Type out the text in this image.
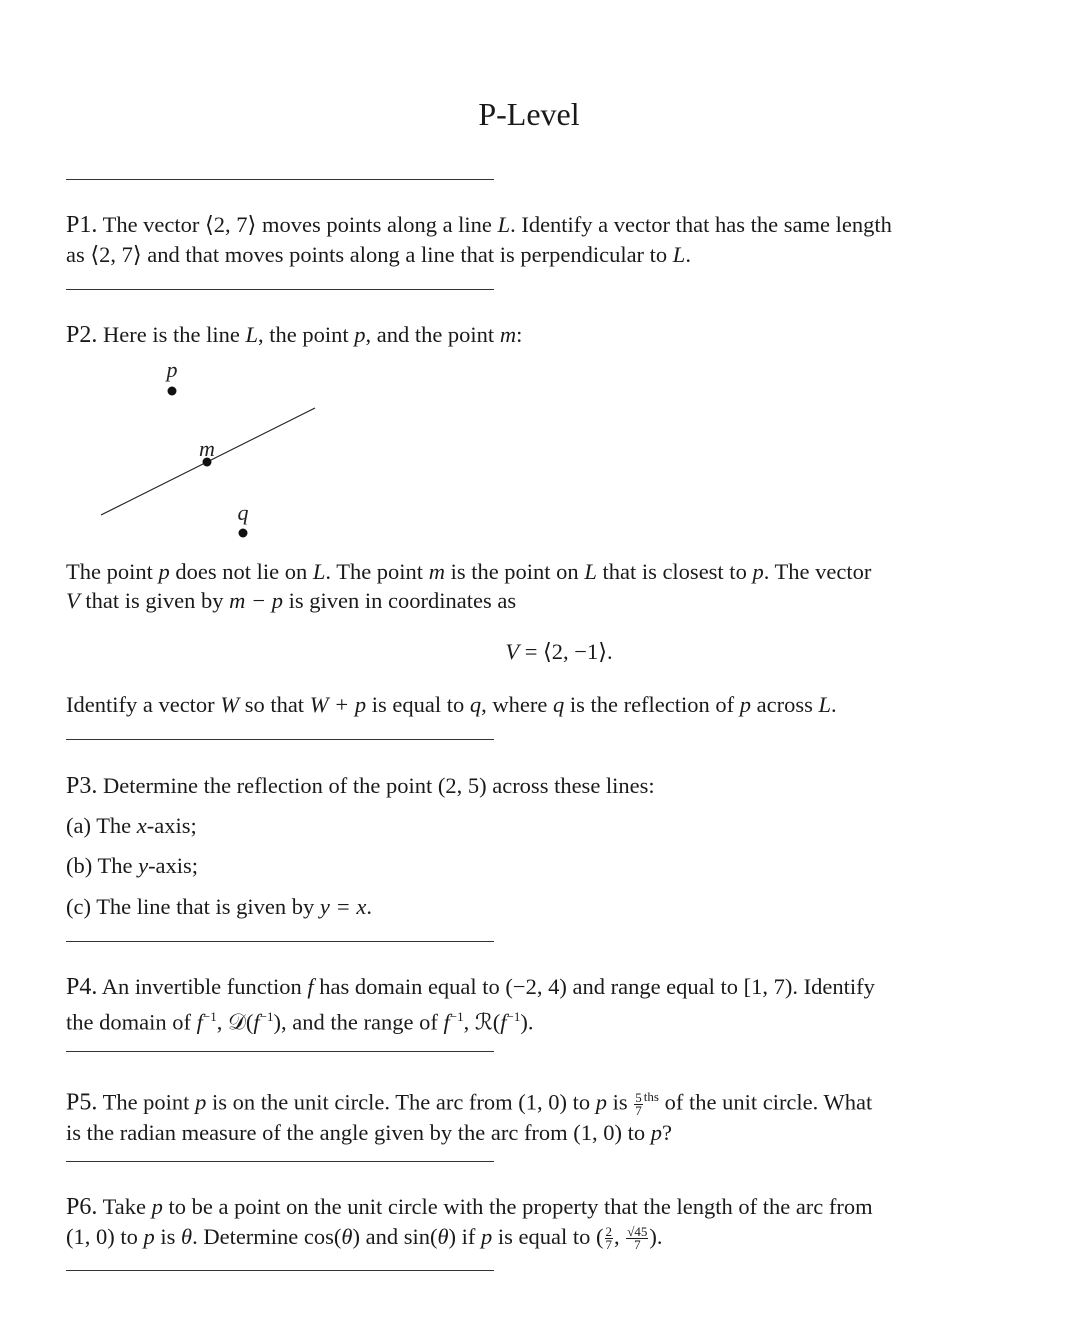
P-Level
P1. The vector ⟨2, 7⟩ moves points along a line L. Identify a vector that has the same length
as ⟨2, 7⟩ and that moves points along a line that is perpendicular to L.
P2. Here is the line L, the point p, and the point m:
p
m
q
The point p does not lie on L. The point m is the point on L that is closest to p. The vector
V that is given by m − p is given in coordinates as
V = ⟨2, −1⟩.
Identify a vector W so that W + p is equal to q, where q is the reflection of p across L.
P3. Determine the reflection of the point (2, 5) across these lines:
(a) The x-axis;
(b) The y-axis;
(c) The line that is given by y = x.
P4. An invertible function f has domain equal to (−2, 4) and range equal to [1, 7). Identify
the domain of $f^{-1}$, $𝒟(f^{-1})$, and the range of $f^{-1}$, $ℛ(f^{-1})$.
P5. The point p is on the unit circle. The arc from (1, 0) to p is $\frac{5}{7} ^{ths}$ of the unit circle. What
is the radian measure of the angle given by the arc from (1, 0) to p?
P6. Take p to be a point on the unit circle with the property that the length of the arc from
(1, 0) to p is θ. Determine cos(θ) and sin(θ) if p is equal to ( $\frac{2}{7}$ , $\frac{√45}{7}$ ).
